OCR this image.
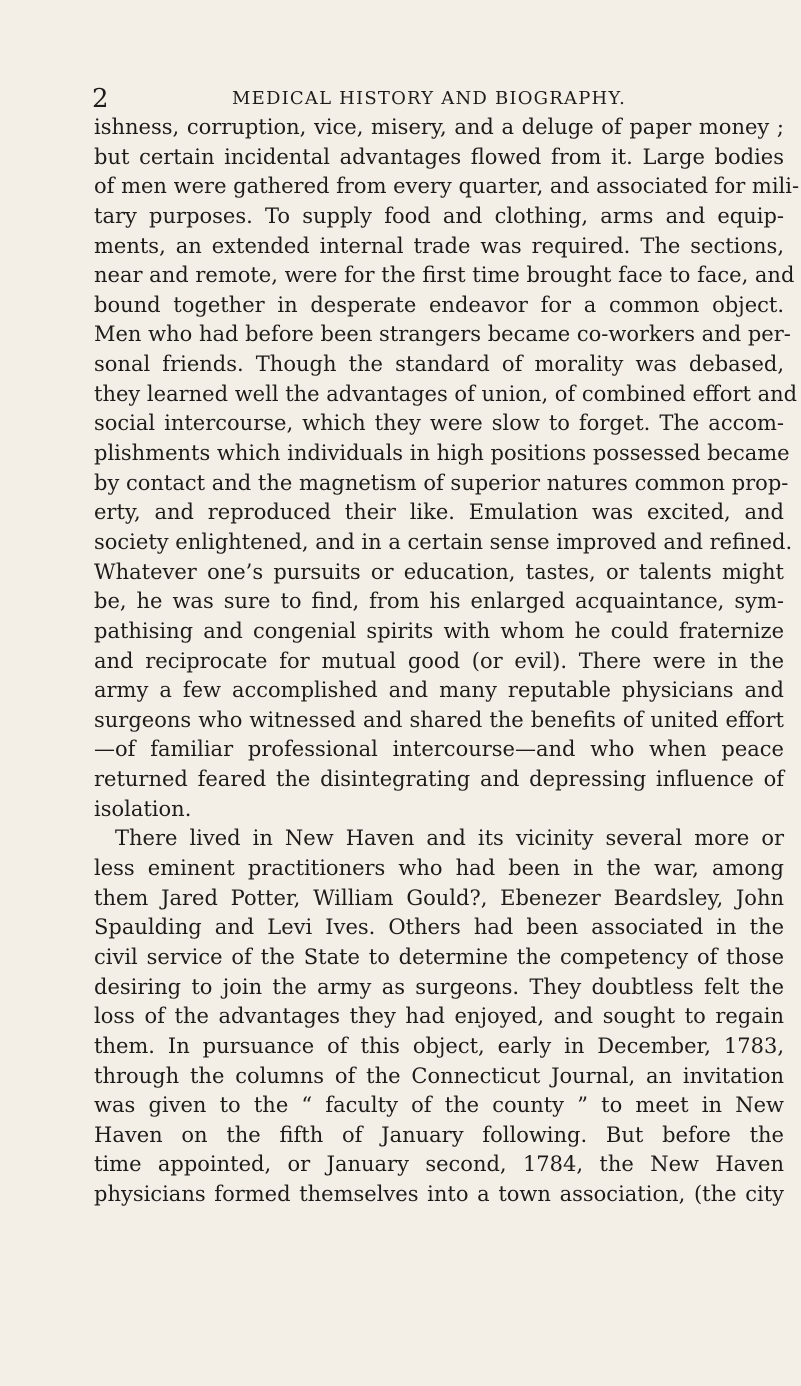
2	MEDICAL HISTORY AND BIOGRAPHY.
ishness, corruption, vice, misery, and a deluge of paper money ;
but certain incidental advantages flowed from it. Large bodies
of men were gathered from every quarter, and associated for mili-
tary purposes. To supply food and clothing, arms and equip-
ments, an extended internal trade was required. The sections,
near and remote, were for the first time brought face to face, and
bound together in desperate endeavor for a common object.
Men who had before been strangers became co-workers and per-
sonal friends. Though the standard of morality was debased,
they learned well the advantages of union, of combined effort and
social intercourse, which they were slow to forget. The accom-
plishments which individuals in high positions possessed became
by contact and the magnetism of superior natures common prop-
erty, and reproduced their like. Emulation was excited, and
society enlightened, and in a certain sense improved and refined.
Whatever one’s pursuits or education, tastes, or talents might
be, he was sure to find, from his enlarged acquaintance, sym-
pathising and congenial spirits with whom he could fraternize
and reciprocate for mutual good (or evil). There were in the
army a few accomplished and many reputable physicians and
surgeons who witnessed and shared the benefits of united effort
—of familiar professional intercourse—and who when peace
returned feared the disintegrating and depressing influence of
isolation.
There lived in New Haven and its vicinity several more or
less eminent practitioners who had been in the war, among
them Jared Potter, William Gould?, Ebenezer Beardsley, John
Spaulding and Levi Ives. Others had been associated in the
civil service of the State to determine the competency of those
desiring to join the army as surgeons. They doubtless felt the
loss of the advantages they had enjoyed, and sought to regain
them. In pursuance of this object, early in December, 1783,
through the columns of the Connecticut Journal, an invitation
was given to the “ faculty of the county ” to meet in New
Haven on the fifth of January following. But before the
time appointed, or January second, 1784, the New Haven
physicians formed themselves into a town association, (the city
